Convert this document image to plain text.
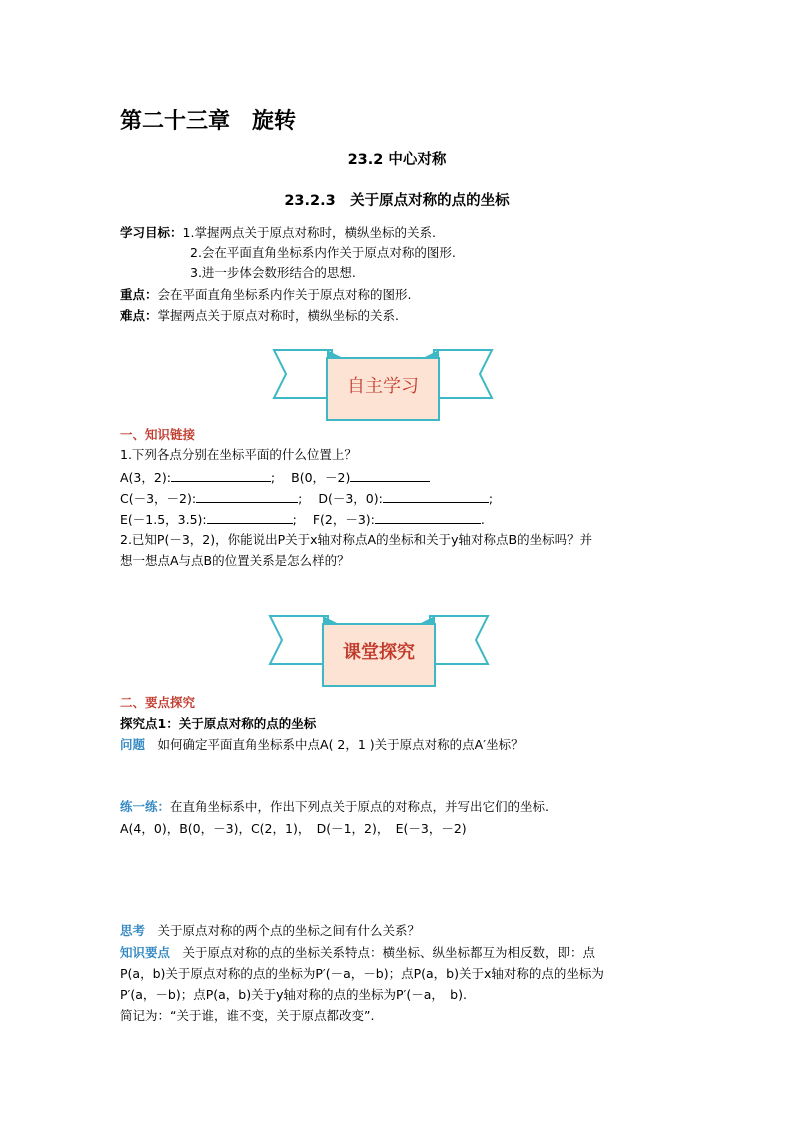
第二十三章　旋转
23.2 中心对称
23.2.3　关于原点对称的点的坐标
学习目标：1.掌握两点关于原点对称时，横纵坐标的关系.
2.会在平面直角坐标系内作关于原点对称的图形.
3.进一步体会数形结合的思想.
重点：会在平面直角坐标系内作关于原点对称的图形.
难点：掌握两点关于原点对称时，横纵坐标的关系.
自主学习
一、知识链接
1.下列各点分别在坐标平面的什么位置上？
A(3，2):	; B(0，－2)
C(－3，－2):	; D(－3，0):	;
E(－1.5，3.5):	; F(2，－3):	.
2.已知P(－3，2)，你能说出P关于x轴对称点A的坐标和关于y轴对称点B的坐标吗？并
想一想点A与点B的位置关系是怎么样的？
课堂探究
二、要点探究
探究点1：关于原点对称的点的坐标
问题　如何确定平面直角坐标系中点A( 2，1 )关于原点对称的点A′坐标？
练一练：在直角坐标系中，作出下列点关于原点的对称点，并写出它们的坐标.
A(4，0)，B(0，－3)，C(2，1)，　D(－1，2)，　E(－3，－2)
思考　关于原点对称的两个点的坐标之间有什么关系？
知识要点　关于原点对称的点的坐标关系特点：横坐标、纵坐标都互为相反数，即：点
P(a，b)关于原点对称的点的坐标为P′(－a，－b)；点P(a，b)关于x轴对称的点的坐标为
P′(a，－b)；点P(a，b)关于y轴对称的点的坐标为P′(－a，　b).
简记为：“关于谁，谁不变，关于原点都改变”.
